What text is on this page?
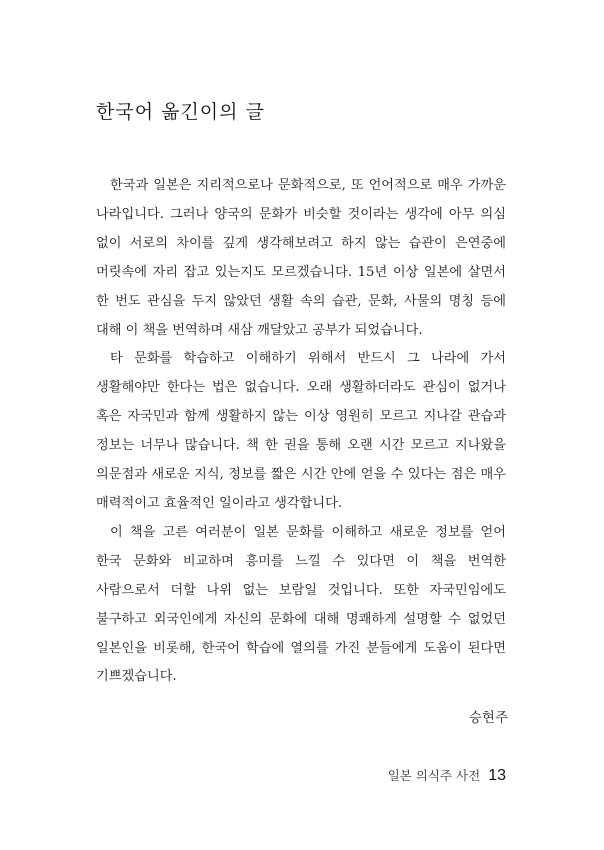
한국어 옮긴이의 글

한국과 일본은 지리적으로나 문화적으로, 또 언어적으로 매우 가까운 나라입니다. 그러나 양국의 문화가 비슷할 것이라는 생각에 아무 의심 없이 서로의 차이를 깊게 생각해보려고 하지 않는 습관이 은연중에 머릿속에 자리 잡고 있는지도 모르겠습니다. 15년 이상 일본에 살면서 한 번도 관심을 두지 않았던 생활 속의 습관, 문화, 사물의 명칭 등에 대해 이 책을 번역하며 새삼 깨달았고 공부가 되었습니다.

타 문화를 학습하고 이해하기 위해서 반드시 그 나라에 가서 생활해야만 한다는 법은 없습니다. 오래 생활하더라도 관심이 없거나 혹은 자국민과 함께 생활하지 않는 이상 영원히 모르고 지나갈 관습과 정보는 너무나 많습니다. 책 한 권을 통해 오랜 시간 모르고 지나왔을 의문점과 새로운 지식, 정보를 짧은 시간 안에 얻을 수 있다는 점은 매우 매력적이고 효율적인 일이라고 생각합니다.

이 책을 고른 여러분이 일본 문화를 이해하고 새로운 정보를 얻어 한국 문화와 비교하며 흥미를 느낄 수 있다면 이 책을 번역한 사람으로서 더할 나위 없는 보람일 것입니다. 또한 자국민임에도 불구하고 외국인에게 자신의 문화에 대해 명쾌하게 설명할 수 없었던 일본인을 비롯해, 한국어 학습에 열의를 가진 분들에게 도움이 된다면 기쁘겠습니다.

승현주
일본 의식주 사전 13
